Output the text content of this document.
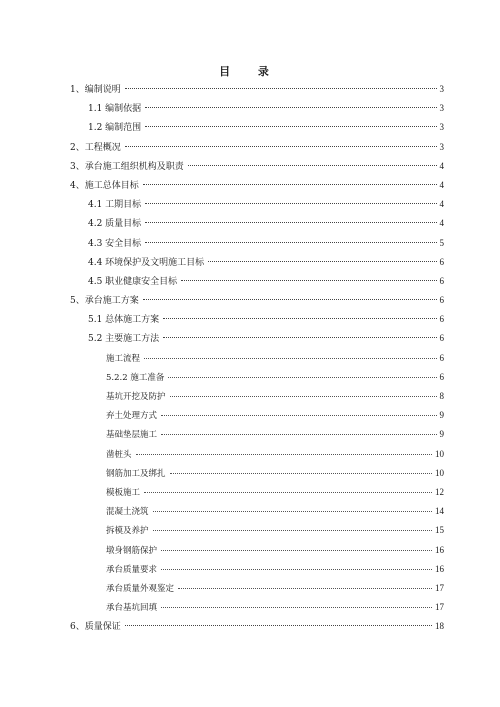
目 录
1、编制说明	3
1.1 编制依据	3
1.2 编制范围	3
2、工程概况	3
3、承台施工组织机构及职责	4
4、施工总体目标	4
4.1 工期目标	4
4.2 质量目标	4
4.3 安全目标	5
4.4 环境保护及文明施工目标	6
4.5 职业健康安全目标	6
5、承台施工方案	6
5.1 总体施工方案	6
5.2 主要施工方法	6
施工流程	6
5.2.2 施工准备	6
基坑开挖及防护	8
弃土处理方式	9
基础垫层施工	9
凿桩头	10
钢筋加工及绑扎	10
模板施工	12
混凝土浇筑	14
拆模及养护	15
墩身钢筋保护	16
承台质量要求	16
承台质量外观鉴定	17
承台基坑回填	17
6、质量保证	18
